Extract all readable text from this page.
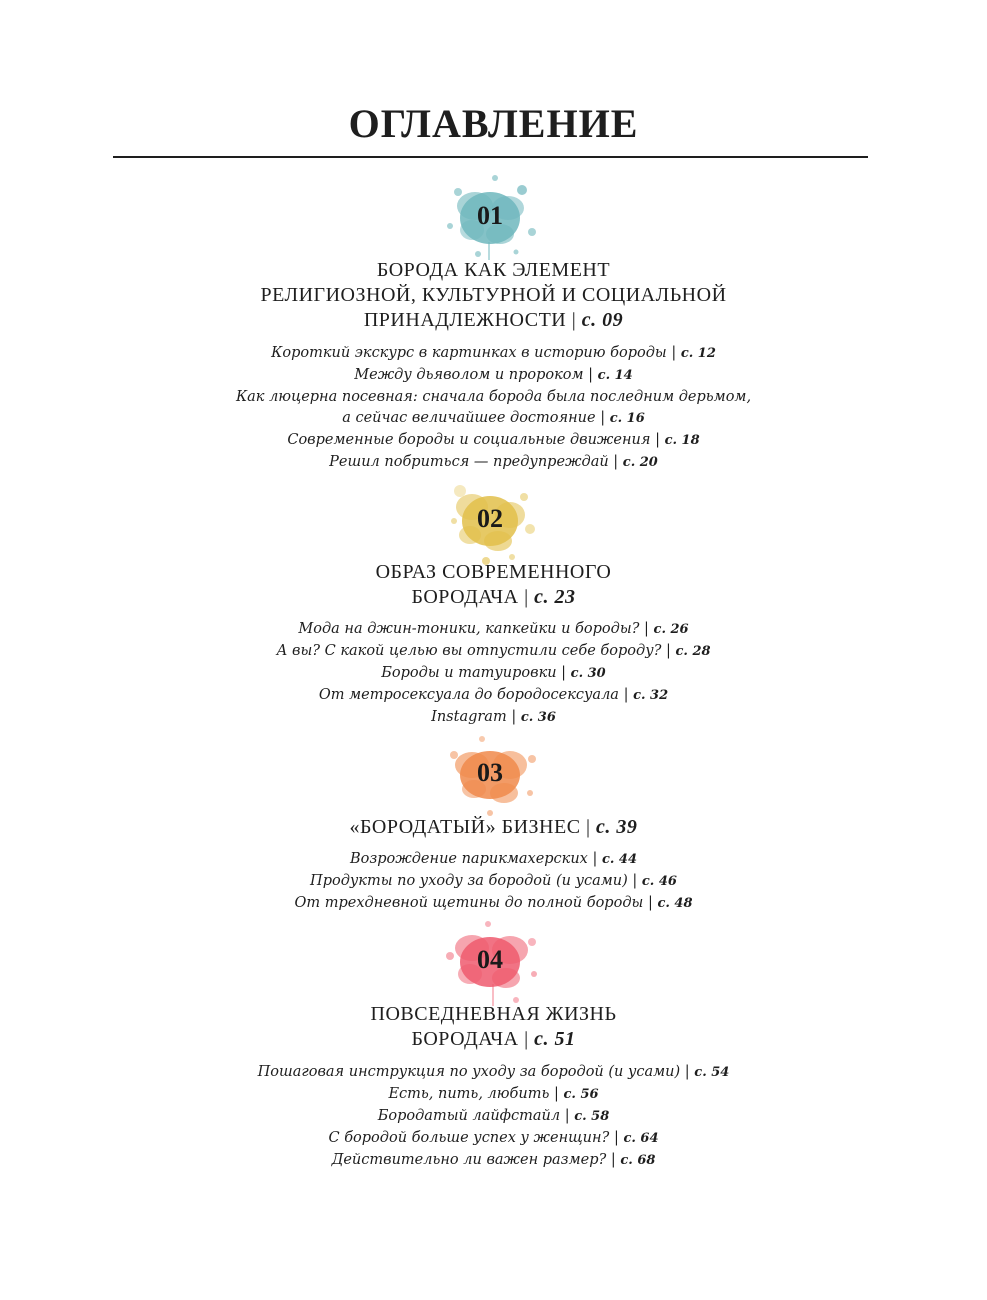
ОГЛАВЛЕНИЕ
01
БОРОДА КАК ЭЛЕМЕНТ
РЕЛИГИОЗНОЙ, КУЛЬТУРНОЙ И СОЦИАЛЬНОЙ
ПРИНАДЛЕЖНОСТИ | с. 09
Короткий экскурс в картинках в историю бороды | с. 12
Между дьяволом и пророком | с. 14
Как люцерна посевная: сначала борода была последним дерьмом,
а сейчас величайшее достояние | с. 16
Современные бороды и социальные движения | с. 18
Решил побриться — предупреждай | с. 20
02
ОБРАЗ СОВРЕМЕННОГО
БОРОДАЧА | с. 23
Мода на джин-тоники, капкейки и бороды? | с. 26
А вы? С какой целью вы отпустили себе бороду? | с. 28
Бороды и татуировки | с. 30
От метросексуала до бородосексуала | с. 32
Instagram | с. 36
03
«БОРОДАТЫЙ» БИЗНЕС | с. 39
Возрождение парикмахерских | с. 44
Продукты по уходу за бородой (и усами) | с. 46
От трехдневной щетины до полной бороды | с. 48
04
ПОВСЕДНЕВНАЯ ЖИЗНЬ
БОРОДАЧА | с. 51
Пошаговая инструкция по уходу за бородой (и усами) | с. 54
Есть, пить, любить | с. 56
Бородатый лайфстайл | с. 58
С бородой больше успех у женщин? | с. 64
Действительно ли важен размер? | с. 68
